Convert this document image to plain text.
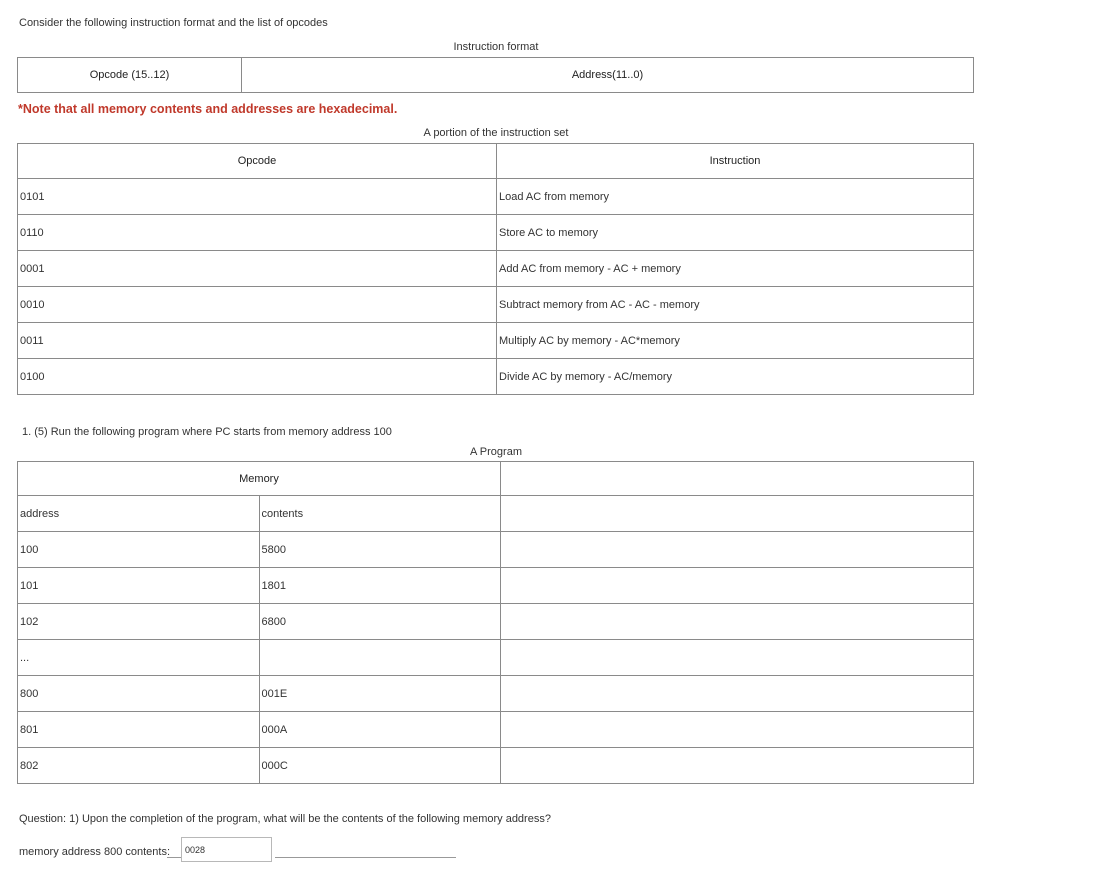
Consider the following instruction format and the list of opcodes
Instruction format
Opcode (15..12)	Address(11..0)
*Note that all memory contents and addresses are hexadecimal.
A portion of the instruction set
Opcode	Instruction
0101	Load AC from memory
0110	Store AC to memory
0001	Add AC from memory - AC + memory
0010	Subtract memory from AC - AC - memory
0011	Multiply AC by memory - AC*memory
0100	Divide AC by memory - AC/memory
1. (5) Run the following program where PC starts from memory address 100
A Program
Memory		
address	contents	
100	5800	
101	1801	
102	6800	
...		
800	001E	
801	000A	
802	000C	
Question: 1) Upon the completion of the program, what will be the contents of the following memory address?
memory address 800 contents:
0028
